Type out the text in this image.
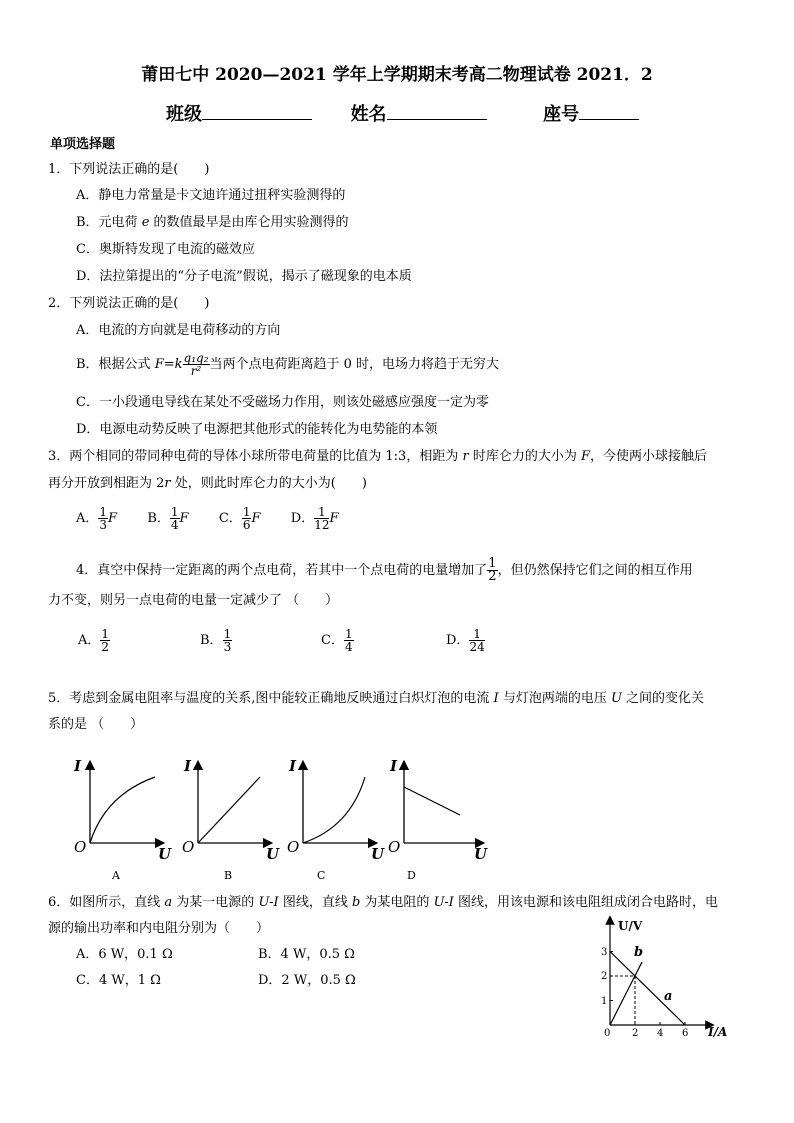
莆田七中 2020—2021 学年上学期期末考高二物理试卷 2021．2
班级	姓名	座号
单项选择题
1．下列说法正确的是(　　)
A．静电力常量是卡文迪许通过扭秤实验测得的
B．元电荷 e 的数值最早是由库仑用实验测得的
C．奥斯特发现了电流的磁效应
D．法拉第提出的“分子电流”假说，揭示了磁现象的电本质
2．下列说法正确的是(　　)
A．电流的方向就是电荷移动的方向
B．根据公式 $F=k \frac{\text{q₁q₂}}{\text{r²}}$ 当两个点电荷距离趋于 0 时，电场力将趋于无穷大
C．一小段通电导线在某处不受磁场力作用，则该处磁感应强度一定为零
D．电源电动势反映了电源把其他形式的能转化为电势能的本领
3．两个相同的带同种电荷的导体小球所带电荷量的比值为 1:3，相距为 r 时库仑力的大小为 F，今使两小球接触后
再分开放到相距为 2r 处，则此时库仑力的大小为(　　)
A． $\frac{1}{3}$ F B． $\frac{1}{4}$ F C． $\frac{1}{6}$ F D． $\frac{1}{12}$ F
4．真空中保持一定距离的两个点电荷，若其中一个点电荷的电量增加了 $\frac{1}{2}$ ，但仍然保持它们之间的相互作用
力不变，则另一点电荷的电量一定减少了 （　　）
A． $\frac{1}{2}$	B． $\frac{1}{3}$	C． $\frac{1}{4}$	D． $\frac{1}{24}$
5．考虑到金属电阻率与温度的关系,图中能较正确地反映通过白炽灯泡的电流 I 与灯泡两端的电压 U 之间的变化关
系的是 （　　）
I
O	U
I
O	U
I
O	U
I
O	U
A	B	C	D
6．如图所示，直线 a 为某一电源的 U-I 图线，直线 b 为某电阻的 U-I 图线，用该电源和该电阻组成闭合电路时，电
源的输出功率和内电阻分别为（　　）
A．6 W，0.1 Ω	B．4 W，0.5 Ω
C．4 W，1 Ω	D．2 W，0.5 Ω
U/V
I/A
0
1
2
3
2 4 6
a
b
